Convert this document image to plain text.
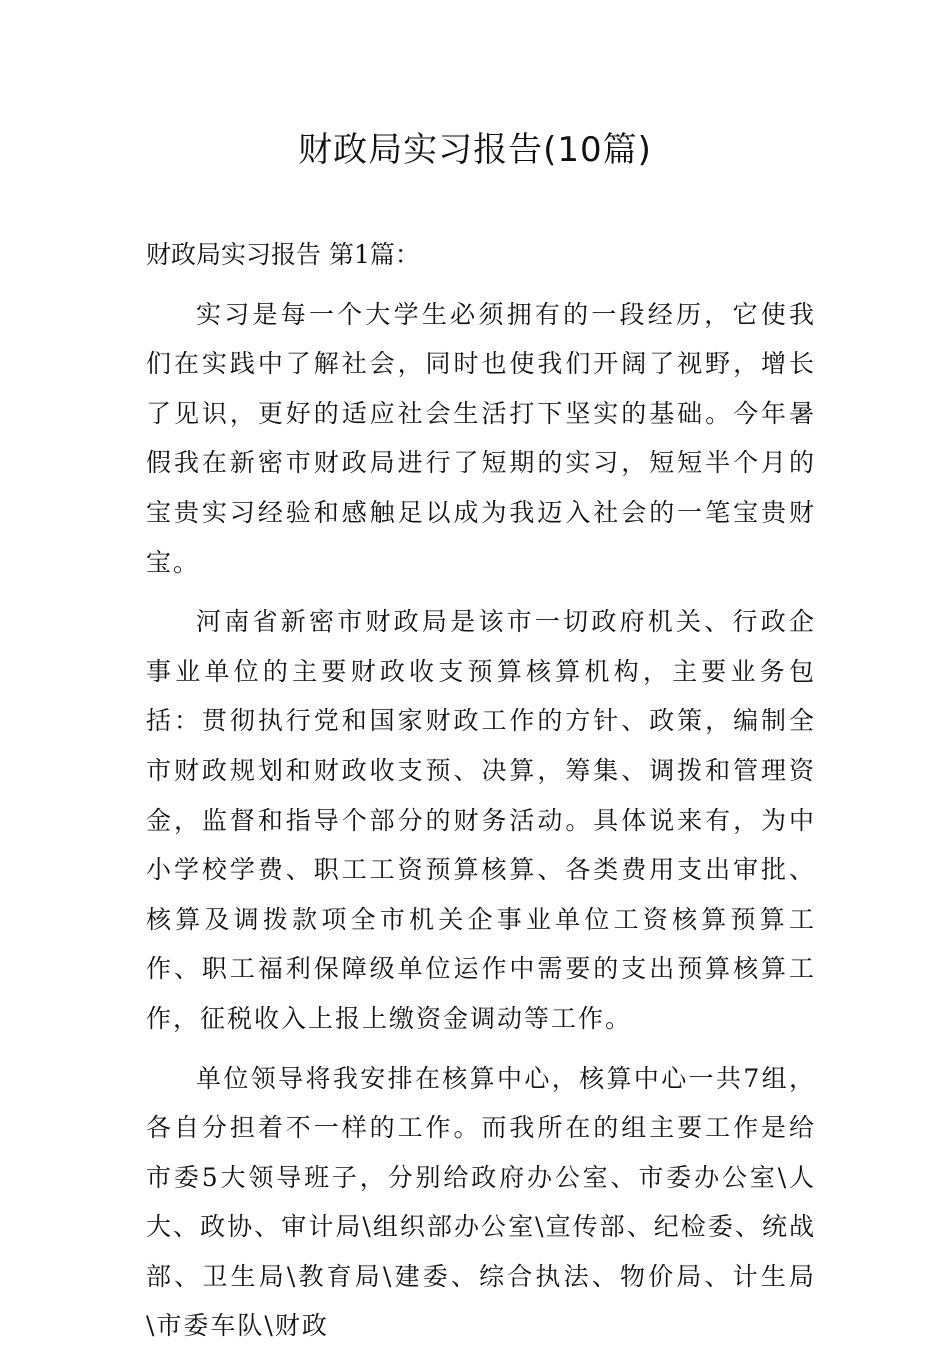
财政局实习报告(10篇)
财政局实习报告 第1篇：

实习是每一个大学生必须拥有的一段经历，它使我们在实践中了解社会，同时也使我们开阔了视野，增长了见识，更好的适应社会生活打下坚实的基础。今年暑假我在新密市财政局进行了短期的实习，短短半个月的宝贵实习经验和感触足以成为我迈入社会的一笔宝贵财宝。

河南省新密市财政局是该市一切政府机关、行政企事业单位的主要财政收支预算核算机构，主要业务包括：贯彻执行党和国家财政工作的方针、政策，编制全市财政规划和财政收支预、决算，筹集、调拨和管理资金，监督和指导个部分的财务活动。具体说来有，为中小学校学费、职工工资预算核算、各类费用支出审批、核算及调拨款项全市机关企事业单位工资核算预算工作、职工福利保障级单位运作中需要的支出预算核算工作，征税收入上报上缴资金调动等工作。

单位领导将我安排在核算中心，核算中心一共7组，各自分担着不一样的工作。而我所在的组主要工作是给市委5大领导班子，分别给政府办公室、市委办公室\人大、政协、审计局\组织部办公室\宣传部、纪检委、统战部、卫生局\教育局\建委、综合执法、物价局、计生局\市委车队\财政
